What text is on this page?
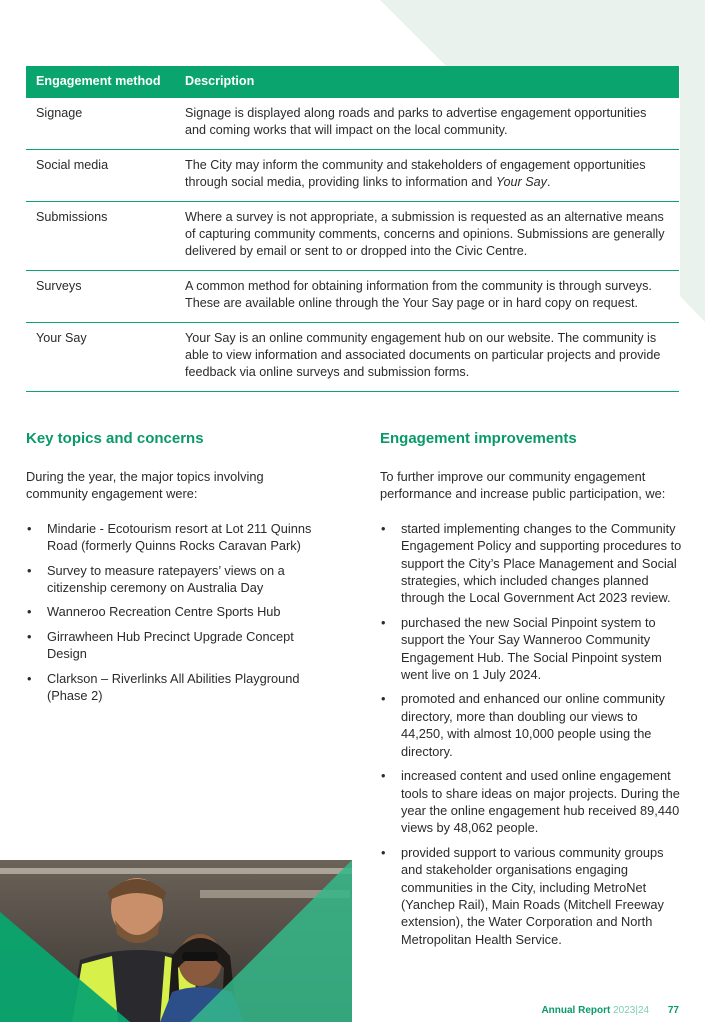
Engagement method	Description
Signage	Signage is displayed along roads and parks to advertise engagement opportunities and coming works that will impact on the local community.
Social media	The City may inform the community and stakeholders of engagement opportunities through social media, providing links to information and Your Say.
Submissions	Where a survey is not appropriate, a submission is requested as an alternative means of capturing community comments, concerns and opinions. Submissions are generally delivered by email or sent to or dropped into the Civic Centre.
Surveys	A common method for obtaining information from the community is through surveys. These are available online through the Your Say page or in hard copy on request.
Your Say	Your Say is an online community engagement hub on our website. The community is able to view information and associated documents on particular projects and provide feedback via online surveys and submission forms.
Key topics and concerns

During the year, the major topics involving community engagement were:

• Mindarie - Ecotourism resort at Lot 211 Quinns Road (formerly Quinns Rocks Caravan Park)
• Survey to measure ratepayers’ views on a citizenship ceremony on Australia Day
• Wanneroo Recreation Centre Sports Hub
• Girrawheen Hub Precinct Upgrade Concept Design
• Clarkson – Riverlinks All Abilities Playground (Phase 2)
Engagement improvements

To further improve our community engagement performance and increase public participation, we:

• started implementing changes to the Community Engagement Policy and supporting procedures to support the City’s Place Management and Social strategies, which included changes planned through the Local Government Act 2023 review.
• purchased the new Social Pinpoint system to support the Your Say Wanneroo Community Engagement Hub. The Social Pinpoint system went live on 1 July 2024.
• promoted and enhanced our online community directory, more than doubling our views to 44,250, with almost 10,000 people using the directory.
• increased content and used online engagement tools to share ideas on major projects. During the year the online engagement hub received 89,440 views by 48,062 people.
• provided support to various community groups and stakeholder organisations engaging communities in the City, including MetroNet (Yanchep Rail), Main Roads (Mitchell Freeway extension), the Water Corporation and North Metropolitan Health Service.
Annual Report 2023|24 77
